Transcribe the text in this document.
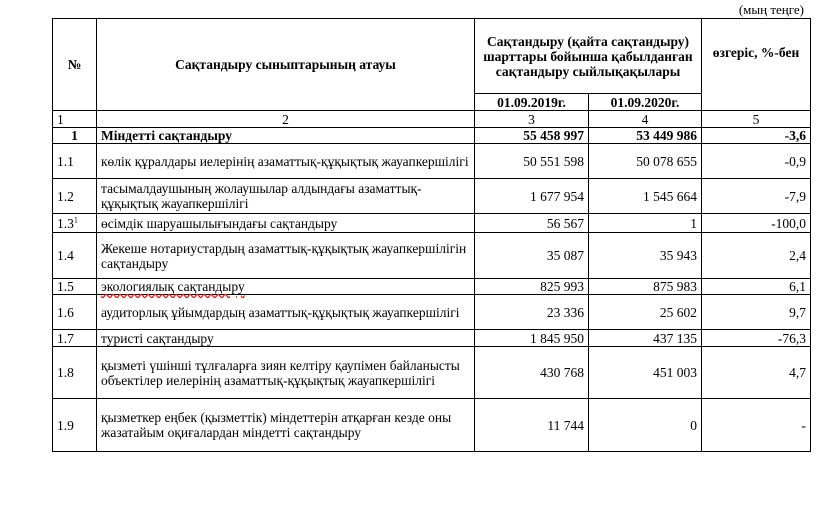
(мың теңге)
№	Сақтандыру сыныптарының атауы	Сақтандыру (қайта сақтандыру) шарттары бойынша қабылданған сақтандыру сыйлықақылары		өзгеріс, %-бен
		01.09.2019г.	01.09.2020г.	
1	2	3	4	5
1	Міндетті сақтандыру	55 458 997	53 449 986	-3,6
1.1	көлік құралдары иелерінің азаматтық-құқықтық жауапкершілігі	50 551 598	50 078 655	-0,9
1.2	тасымалдаушының жолаушылар алдындағы азаматтық-құқықтық жауапкершілігі	1 677 954	1 545 664	-7,9
$1.3^1$	өсімдік шаруашылығындағы сақтандыру	56 567	1	-100,0
1.4	Жекеше нотариустардың азаматтық-құқықтық жауапкершілігін сақтандыру	35 087	35 943	2,4
1.5	экологиялық сақтандыру	825 993	875 983	6,1
1.6	аудиторлық ұйымдардың азаматтық-құқықтық жауапкершілігі	23 336	25 602	9,7
1.7	туристі сақтандыру	1 845 950	437 135	-76,3
1.8	қызметі үшінші тұлғаларға зиян келтіру қаупімен байланысты объектілер иелерінің азаматтық-құқықтық жауапкершілігі	430 768	451 003	4,7
1.9	қызметкер еңбек (қызметтік) міндеттерін атқарған кезде оны жазатайым оқиғалардан міндетті сақтандыру	11 744	0	-
